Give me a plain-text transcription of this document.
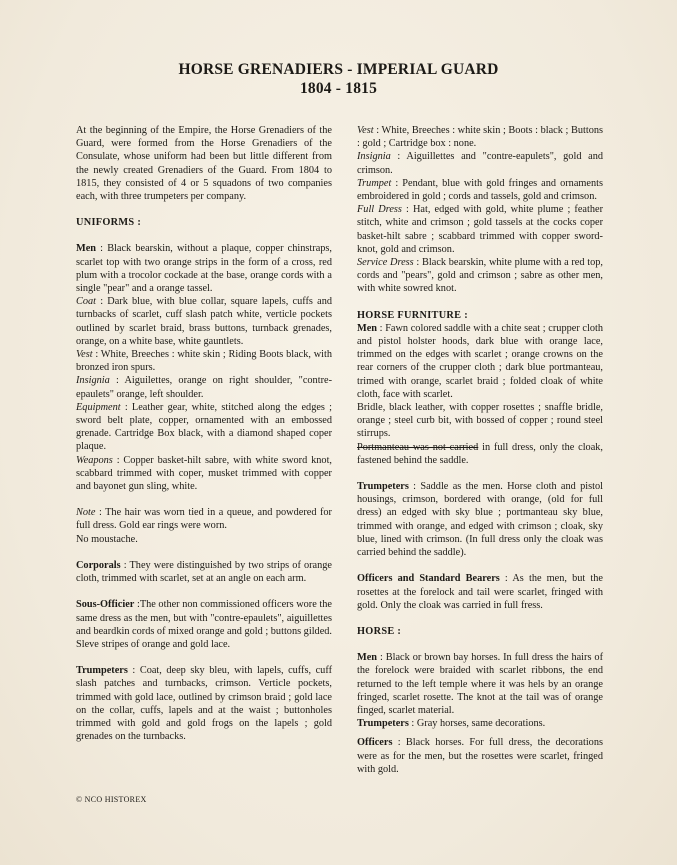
HORSE GRENADIERS - IMPERIAL GUARD
1804 - 1815

At the beginning of the Empire, the Horse Grenadiers of the Guard, were formed from the Horse Grenadiers of the Consulate, whose uniform had been but little different from the newly created Grenadiers of the Guard. From 1804 to 1815, they consisted of 4 or 5 squadons of two companies each, with three trumpeters per company.

UNIFORMS :

Men : Black bearskin, without a plaque, copper chinstraps, scarlet top with two orange strips in the form of a cross, red plum with a trocolor cockade at the base, orange cords with a single "pear" and a orange tassel.

Coat : Dark blue, with blue collar, square lapels, cuffs and turnbacks of scarlet, cuff slash patch white, verticle pockets outlined by scarlet braid, brass buttons, turnback grenades, orange, on a white base, white gauntlets.

Vest : White, Breeches : white skin ; Riding Boots black, with bronzed iron spurs.

Insignia : Aiguilettes, orange on right shoulder, "contre-epaulets" orange, left shoulder.

Equipment : Leather gear, white, stitched along the edges ; sword belt plate, copper, ornamented with an embossed grenade. Cartridge Box black, with a diamond shaped coper plaque.

Weapons : Copper basket-hilt sabre, with white sword knot, scabbard trimmed with coper, musket trimmed with copper and bayonet gun sling, white.

Note : The hair was worn tied in a queue, and powdered for full dress. Gold ear rings were worn.

No moustache.

Corporals : They were distinguished by two strips of orange cloth, trimmed with scarlet, set at an angle on each arm.

Sous-Officier :The other non commissioned officers wore the same dress as the men, but with "contre-epaulets", aiguillettes and beardkin cords of mixed orange and gold ; buttons gilded. Sleve stripes of orange and gold lace.

Trumpeters : Coat, deep sky bleu, with lapels, cuffs, cuff slash patches and turnbacks, crimson. Verticle pockets, trimmed with gold lace, outlined by crimson braid ; gold lace on the collar, cuffs, lapels and at the waist ; buttonholes trimmed with gold and gold frogs on the lapels ; gold grenades on the turnbacks.

Vest : White, Breeches : white skin ; Boots : black ; Buttons : gold ; Cartridge box : none.

Insignia : Aiguillettes and "contre-eapulets", gold and crimson.

Trumpet : Pendant, blue with gold fringes and ornaments embroidered in gold ; cords and tassels, gold and crimson.

Full Dress : Hat, edged with gold, white plume ; feather stitch, white and crimson ; gold tassels at the cocks coper basket-hilt sabre ; scabbard trimmed with copper sword-knot, gold and crimson.

Service Dress : Black bearskin, white plume with a red top, cords and "pears", gold and crimson ; sabre as other men, with white sowred knot.

HORSE FURNITURE :

Men : Fawn colored saddle with a chite seat ; crupper cloth and pistol holster hoods, dark blue with orange lace, trimmed on the edges with scarlet ; orange crowns on the rear corners of the crupper cloth ; dark blue portmanteau, trimed with orange, scarlet braid ; folded cloak of white cloth, face with scarlet.

Bridle, black leather, with copper rosettes ; snaffle bridle, orange ; steel curb bit, with bossed of copper ; round steel stirrups.

Portmanteau was not carried in full dress, only the cloak, fastened behind the saddle.

Trumpeters : Saddle as the men. Horse cloth and pistol housings, crimson, bordered with orange, (old for full dress) an edged with sky blue ; portmanteau sky blue, trimmed with orange, and edged with crimson ; cloak, sky blue, lined with crimson. (In full dress only the cloak was carried behind the saddle).

Officers and Standard Bearers : As the men, but the rosettes at the forelock and tail were scarlet, fringed with gold. Only the cloak was carried in full fress.

HORSE :

Men : Black or brown bay horses. In full dress the hairs of the forelock were braided with scarlet ribbons, the end returned to the left temple where it was hels by an orange fringed, scarlet rosette. The knot at the tail was of orange finged, scarlet material.

Trumpeters : Gray horses, same decorations.

Officers : Black horses. For full dress, the decorations were as for the men, but the rosettes were scarlet, fringed with gold.

© NCO HISTOREX
